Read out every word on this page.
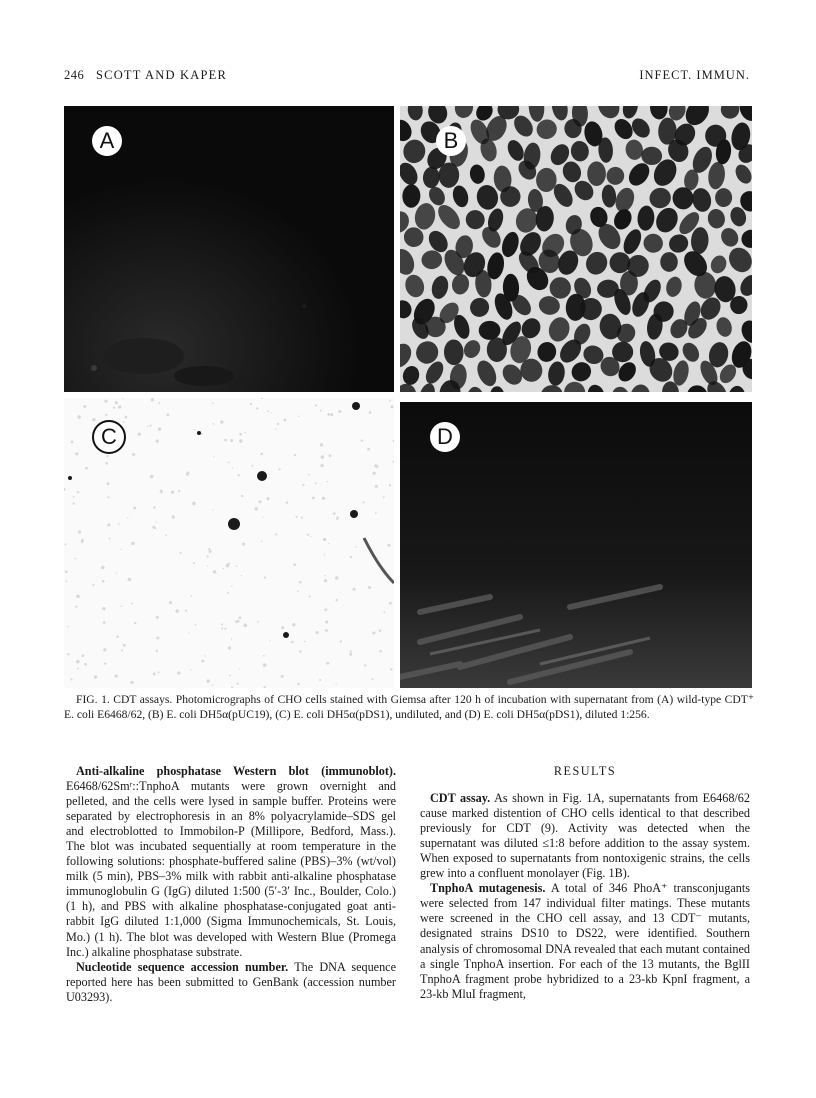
246 SCOTT AND KAPER	INFECT. IMMUN.
A	B
C	D
FIG. 1. CDT assays. Photomicrographs of CHO cells stained with Giemsa after 120 h of incubation with supernatant from (A) wild-type CDT⁺ E. coli E6468/62, (B) E. coli DH5α(pUC19), (C) E. coli DH5α(pDS1), undiluted, and (D) E. coli DH5α(pDS1), diluted 1:256.

Anti-alkaline phosphatase Western blot (immunoblot). E6468/62Smʳ::TnphoA mutants were grown overnight and pelleted, and the cells were lysed in sample buffer. Proteins were separated by electrophoresis in an 8% polyacrylamide–SDS gel and electroblotted to Immobilon-P (Millipore, Bedford, Mass.). The blot was incubated sequentially at room temperature in the following solutions: phosphate-buffered saline (PBS)–3% (wt/vol) milk (5 min), PBS–3% milk with rabbit anti-alkaline phosphatase immunoglobulin G (IgG) diluted 1:500 (5′-3′ Inc., Boulder, Colo.) (1 h), and PBS with alkaline phosphatase-conjugated goat anti-rabbit IgG diluted 1:1,000 (Sigma Immunochemicals, St. Louis, Mo.) (1 h). The blot was developed with Western Blue (Promega Inc.) alkaline phosphatase substrate.

Nucleotide sequence accession number. The DNA sequence reported here has been submitted to GenBank (accession number U03293).

RESULTS

CDT assay. As shown in Fig. 1A, supernatants from E6468/62 cause marked distention of CHO cells identical to that described previously for CDT (9). Activity was detected when the supernatant was diluted ≤1:8 before addition to the assay system. When exposed to supernatants from nontoxigenic strains, the cells grew into a confluent monolayer (Fig. 1B).

TnphoA mutagenesis. A total of 346 PhoA⁺ transconjugants were selected from 147 individual filter matings. These mutants were screened in the CHO cell assay, and 13 CDT⁻ mutants, designated strains DS10 to DS22, were identified. Southern analysis of chromosomal DNA revealed that each mutant contained a single TnphoA insertion. For each of the 13 mutants, the BglII TnphoA fragment probe hybridized to a 23-kb KpnI fragment, a 23-kb MluI fragment,
